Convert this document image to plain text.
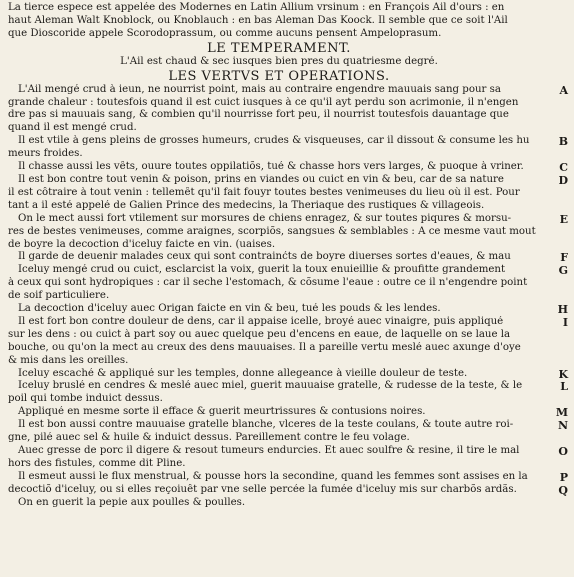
La tierce espece est appelée des Modernes en Latin Allium vrsinum : en François Ail d'ours : en
haut Aleman Walt Knoblock, ou Knoblauch : en bas Aleman Das Koock. Il semble que ce soit l'Ail
que Dioscoride appele Scorodoprassum, ou comme aucuns pensent Ampeloprasum.
LE TEMPERAMENT.
L'Ail est chaud & sec iusques bien pres du quatriesme degré.
LES VERTVS ET OPERATIONS.
L'Ail mengé crud à ieun, ne nourrist point, mais au contraire engendre mauuais sang pour sa
grande chaleur : toutesfois quand il est cuict iusques à ce qu'il ayt perdu son acrimonie, il n'engen
dre pas si mauuais sang, & combien qu'il nourrisse fort peu, il nourrist toutesfois dauantage que
quand il est mengé crud.
Il est vtile à gens pleins de grosses humeurs, crudes & visqueuses, car il dissout & consume les hu
meurs froides.
Il chasse aussi les vêts, ouure toutes oppilatiõs, tué & chasse hors vers larges, & puoque à vriner.
Il est bon contre tout venin & poison, prins en viandes ou cuict en vin & beu, car de sa nature
il est côtraire à tout venin : tellemêt qu'il fait fouyr toutes bestes venimeuses du lieu où il est. Pour
tant a il esté appelé de Galien Prince des medecins, la Theriaque des rustiques & villageois.
On le mect aussi fort vtilement sur morsures de chiens enragez, & sur toutes piqures & morsu-
res de bestes venimeuses, comme araignes, scorpiõs, sangsues & semblables : A ce mesme vaut mout
de boyre la decoction d'iceluy faicte en vin. (uaises.
Il garde de deuenir malades ceux qui sont contrainćts de boyre diuerses sortes d'eaues, & mau
Iceluy mengé crud ou cuict, esclarcist la voix, guerit la toux enuieillie & proufitte grandement
à ceux qui sont hydropiques : car il seche l'estomach, & cõsume l'eaue : outre ce il n'engendre point
de soif particuliere.
La decoction d'iceluy auec Origan faicte en vin & beu, tué les pouds & les lendes.
Il est fort bon contre douleur de dens, car il appaise icelle, broyé auec vinaigre, puis appliqué
sur les dens : ou cuict à part soy ou auec quelque peu d'encens en eaue, de laquelle on se laue la
bouche, ou qu'on la mect au creux des dens mauuaises. Il a pareille vertu meslé auec axunge d'oye
& mis dans les oreilles.
Iceluy escaché & appliqué sur les temples, donne allegeance à vieille douleur de teste.
Iceluy bruslé en cendres & meslé auec miel, guerit mauuaise gratelle, & rudesse de la teste, & le
poil qui tombe induict dessus.
Appliqué en mesme sorte il efface & guerit meurtrissures & contusions noires.
Il est bon aussi contre mauuaise gratelle blanche, vlceres de la teste coulans, & toute autre roi-
gne, pilé auec sel & huile & induict dessus. Pareillement contre le feu volage.
Auec gresse de porc il digere & resout tumeurs endurcies. Et auec soulfre & resine, il tire le mal
hors des fistules, comme dit Pline.
Il esmeut aussi le flux menstrual, & pousse hors la secondine, quand les femmes sont assises en la
decoctiõ d'iceluy, ou si elles reçoiuêt par vne selle percée la fumée d'iceluy mis sur charbõs ardãs.
On en guerit la pepie aux poulles & poulles.
A
B
C
D
E
F
G
H
I
K
L
M
N
O
P
Q
